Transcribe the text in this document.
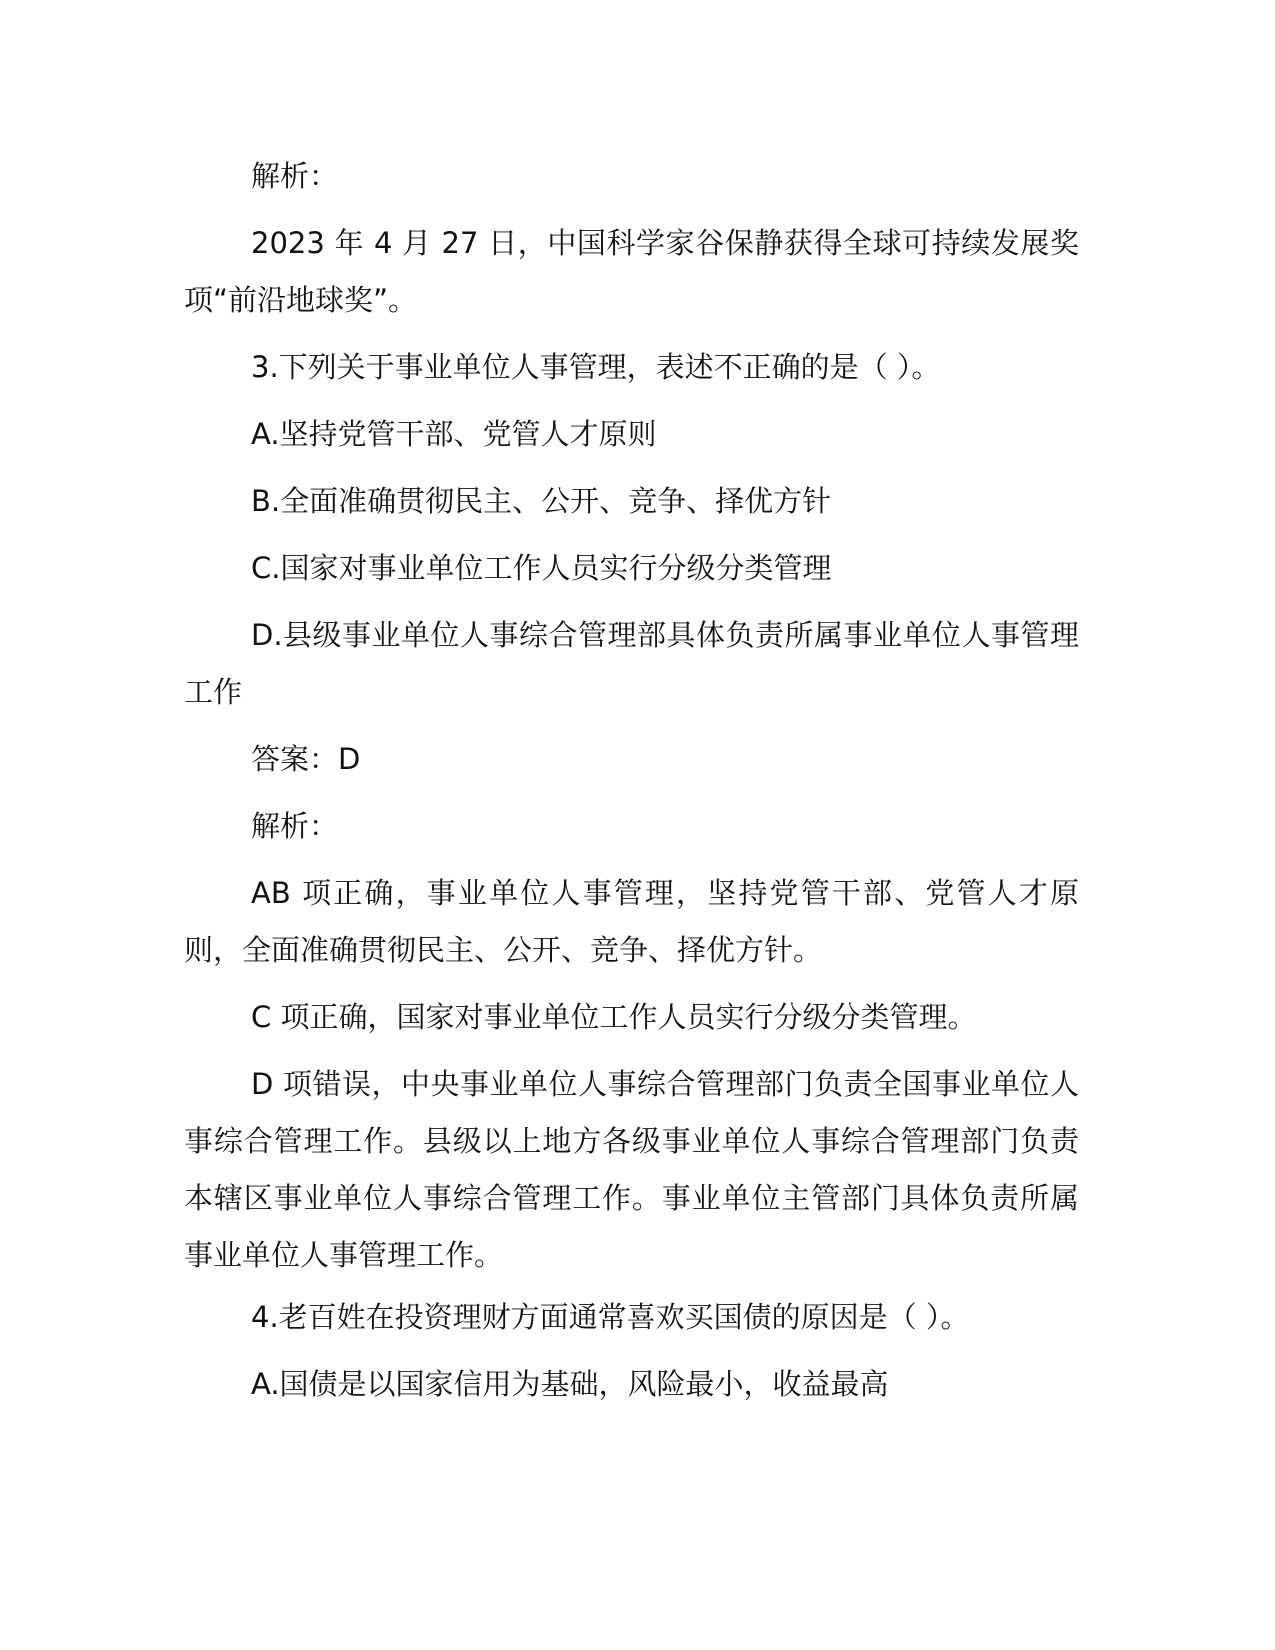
解析：

2023 年 4 月 27 日，中国科学家谷保静获得全球可持续发展奖项“前沿地球奖”。

3.下列关于事业单位人事管理，表述不正确的是（ ）。

A.坚持党管干部、党管人才原则

B.全面准确贯彻民主、公开、竞争、择优方针

C.国家对事业单位工作人员实行分级分类管理

D.县级事业单位人事综合管理部具体负责所属事业单位人事管理工作

答案：D

解析：

AB 项正确，事业单位人事管理，坚持党管干部、党管人才原则，全面准确贯彻民主、公开、竞争、择优方针。

C 项正确，国家对事业单位工作人员实行分级分类管理。

D 项错误，中央事业单位人事综合管理部门负责全国事业单位人事综合管理工作。县级以上地方各级事业单位人事综合管理部门负责本辖区事业单位人事综合管理工作。事业单位主管部门具体负责所属事业单位人事管理工作。

4.老百姓在投资理财方面通常喜欢买国债的原因是（ ）。

A.国债是以国家信用为基础，风险最小，收益最高
